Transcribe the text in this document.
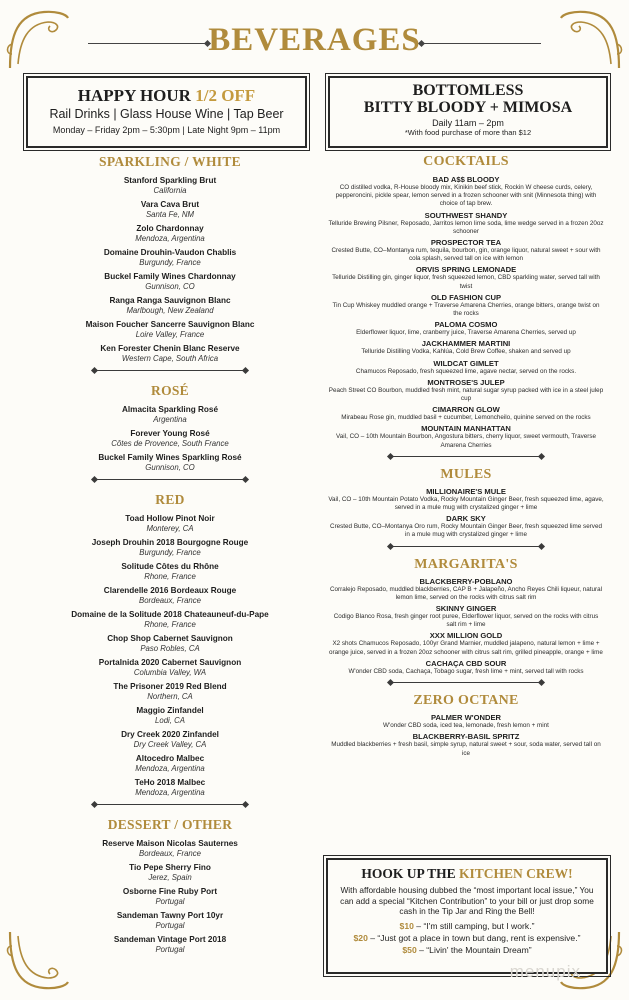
BEVERAGES
HAPPY HOUR 1/2 OFF
Rail Drinks | Glass House Wine | Tap Beer
Monday – Friday 2pm – 5:30pm | Late Night 9pm – 11pm
BOTTOMLESS
BITTY BLOODY + MIMOSA
Daily 11am – 2pm
*With food purchase of more than $12
SPARKLING / WHITE
Stanford Sparkling Brut
California
Vara Cava Brut
Santa Fe, NM
Zolo Chardonnay
Mendoza, Argentina
Domaine Drouhin-Vaudon Chablis
Burgundy, France
Buckel Family Wines Chardonnay
Gunnison, CO
Ranga Ranga Sauvignon Blanc
Marlbough, New Zealand
Maison Foucher Sancerre Sauvignon Blanc
Loire Valley, France
Ken Forester Chenin Blanc Reserve
Western Cape, South Africa
ROSÉ
Almacita Sparkling Rosé
Argentina
Forever Young Rosé
Côtes de Provence, South France
Buckel Family Wines Sparkling Rosé
Gunnison, CO
RED
Toad Hollow Pinot Noir
Monterey, CA
Joseph Drouhin 2018 Bourgogne Rouge
Burgundy, France
Solitude Côtes du Rhône
Rhone, France
Clarendelle 2016 Bordeaux Rouge
Bordeaux, France
Domaine de la Solitude 2018 Chateauneuf-du-Pape
Rhone, France
Chop Shop Cabernet Sauvignon
Paso Robles, CA
Portalnida 2020 Cabernet Sauvignon
Columbia Valley, WA
The Prisoner 2019 Red Blend
Northern, CA
Maggio Zinfandel
Lodi, CA
Dry Creek 2020 Zinfandel
Dry Creek Valley, CA
Altocedro Malbec
Mendoza, Argentina
TeHo 2018 Malbec
Mendoza, Argentina
DESSERT / OTHER
Reserve Maison Nicolas Sauternes
Bordeaux, France
Tio Pepe Sherry Fino
Jerez, Spain
Osborne Fine Ruby Port
Portugal
Sandeman Tawny Port 10yr
Portugal
Sandeman Vintage Port 2018
Portugal
COCKTAILS
BAD A$$ BLOODY
CO distilled vodka, R-House bloody mix, Kinikin beef stick, Rockin W cheese curds, celery, pepperoncini, pickle spear, lemon served in a frozen schooner with snit (Minnesota thing) with choice of tap brew.
SOUTHWEST SHANDY
Telluride Brewing Pilsner, Reposado, Jarritos lemon lime soda, lime wedge served in a frozen 20oz schooner
PROSPECTOR TEA
Crested Butte, CO–Montanya rum, tequila, bourbon, gin, orange liquor, natural sweet + sour with cola splash, served tall on ice with lemon
ORVIS SPRING LEMONADE
Telluride Distilling gin, ginger liquor, fresh squeezed lemon, CBD sparkling water, served tall with twist
OLD FASHION CUP
Tin Cup Whiskey muddled orange + Traverse Amarena Cherries, orange bitters, orange twist on the rocks
PALOMA COSMO
Elderflower liquor, lime, cranberry juice, Traverse Amarena Cherries, served up
JACKHAMMER MARTINI
Telluride Distilling Vodka, Kahlúa, Cold Brew Coffee, shaken and served up
WILDCAT GIMLET
Chamucos Reposado, fresh squeezed lime, agave nectar, served on the rocks.
MONTROSE'S JULEP
Peach Street CO Bourbon, muddled fresh mint, natural sugar syrup packed with ice in a steel julep cup
CIMARRON GLOW
Mirabeau Rose gin, muddled basil + cucumber, Lemoncheilo, quinine served on the rocks
MOUNTAIN MANHATTAN
Vail, CO – 10th Mountain Bourbon, Angostura bitters, cherry liquor, sweet vermouth, Traverse Amarena Cherries
MULES
MILLIONAIRE'S MULE
Vail, CO – 10th Mountain Potato Vodka, Rocky Mountain Ginger Beer, fresh squeezed lime, agave, served in a mule mug with crystalized ginger + lime
DARK SKY
Crested Butte, CO–Montanya Oro rum, Rocky Mountain Ginger Beer, fresh squeezed lime served in a mule mug with crystalized ginger + lime
MARGARITA'S
BLACKBERRY-POBLANO
Corralejo Reposado, muddled blackberries, CAP B + Jalapeño, Ancho Reyes Chili liqueur, natural lemon lime, served on the rocks with citrus salt rim
SKINNY GINGER
Codigo Blanco Rosa, fresh ginger root puree, Elderflower liquor, served on the rocks with citrus salt rim + lime
XXX MILLION GOLD
X2 shots Chamucos Reposado, 100yr Grand Marnier, muddled jalapeno, natural lemon + lime + orange juice, served in a frozen 20oz schooner with citrus salt rim, grilled pineapple, orange + lime
CACHAÇA CBD SOUR
W'onder CBD soda, Cachaça, Tobago sugar, fresh lime + mint, served tall with rocks
ZERO OCTANE
PALMER W'ONDER
W'onder CBD soda, iced tea, lemonade, fresh lemon + mint
BLACKBERRY-BASIL SPRITZ
Muddled blackberries + fresh basil, simple syrup, natural sweet + sour, soda water, served tall on ice
HOOK UP THE KITCHEN CREW!
With affordable housing dubbed the “most important local issue,” You can add a special “Kitchen Contribution” to your bill or just drop some cash in the Tip Jar and Ring the Bell!
$10 – “I'm still camping, but I work.”
$20 – “Just got a place in town but dang, rent is expensive.”
$50 – “Livin' the Mountain Dream”
menupix
